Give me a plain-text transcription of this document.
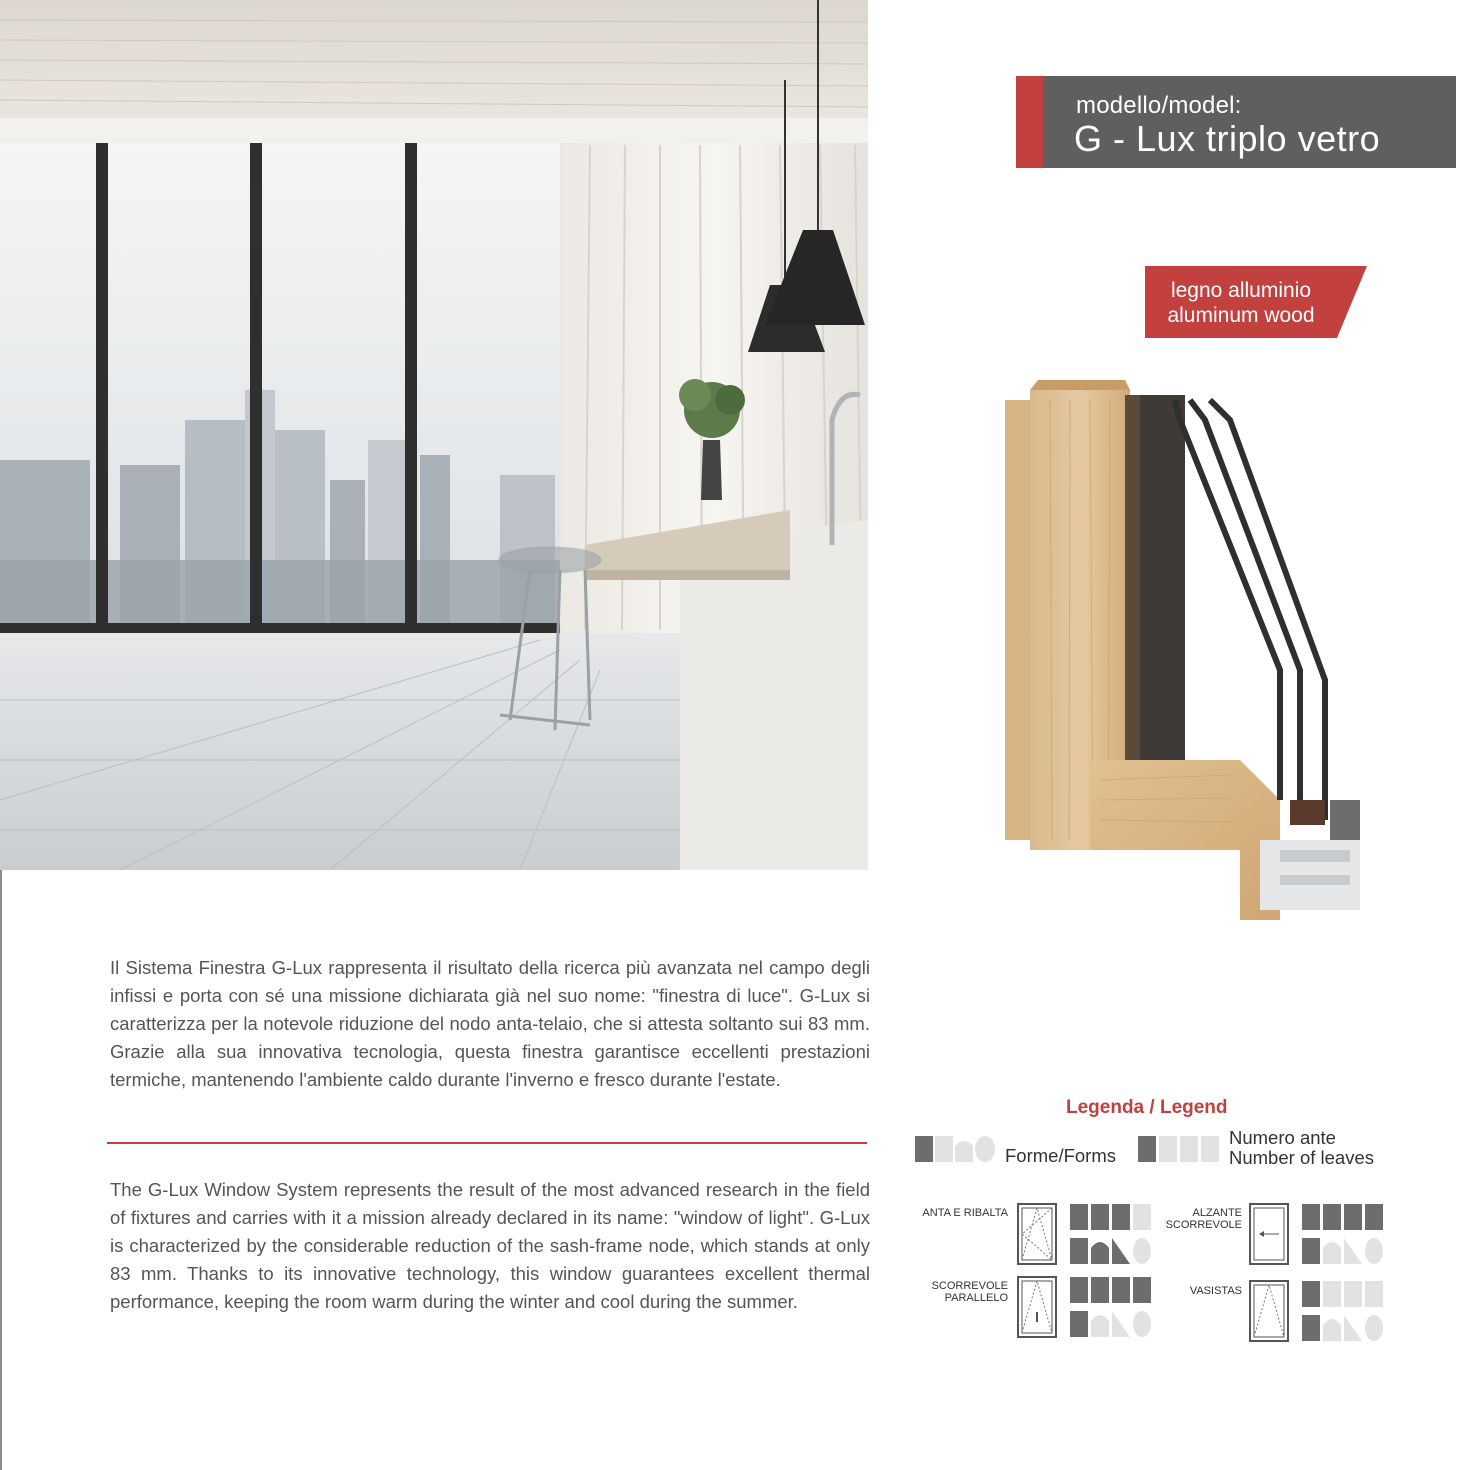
modello/model:
G - Lux triplo vetro
legno alluminio
aluminum wood
Il Sistema Finestra G-Lux rappresenta il risultato della ricerca più avanzata nel campo degli infissi e porta con sé una missione dichiarata già nel suo nome: "finestra di luce". G-Lux si caratterizza per la notevole riduzione del nodo anta-telaio, che si attesta soltanto sui 83 mm. Grazie alla sua innovativa tecnologia, questa finestra garantisce eccellenti prestazioni termiche, mantenendo l'ambiente caldo durante l'inverno e fresco durante l'estate.
The G-Lux Window System represents the result of the most advanced research in the field of fixtures and carries with it a mission already declared in its name: "window of light". G-Lux is characterized by the considerable reduction of the sash-frame node, which stands at only 83 mm. Thanks to its innovative technology, this window guarantees excellent thermal performance, keeping the room warm during the winter and cool during the summer.
Legenda / Legend
Forme/Forms
Numero ante
Number of leaves
ANTA E RIBALTA	ALZANTE
SCORREVOLE
SCORREVOLE
PARALLELO
VASISTAS
